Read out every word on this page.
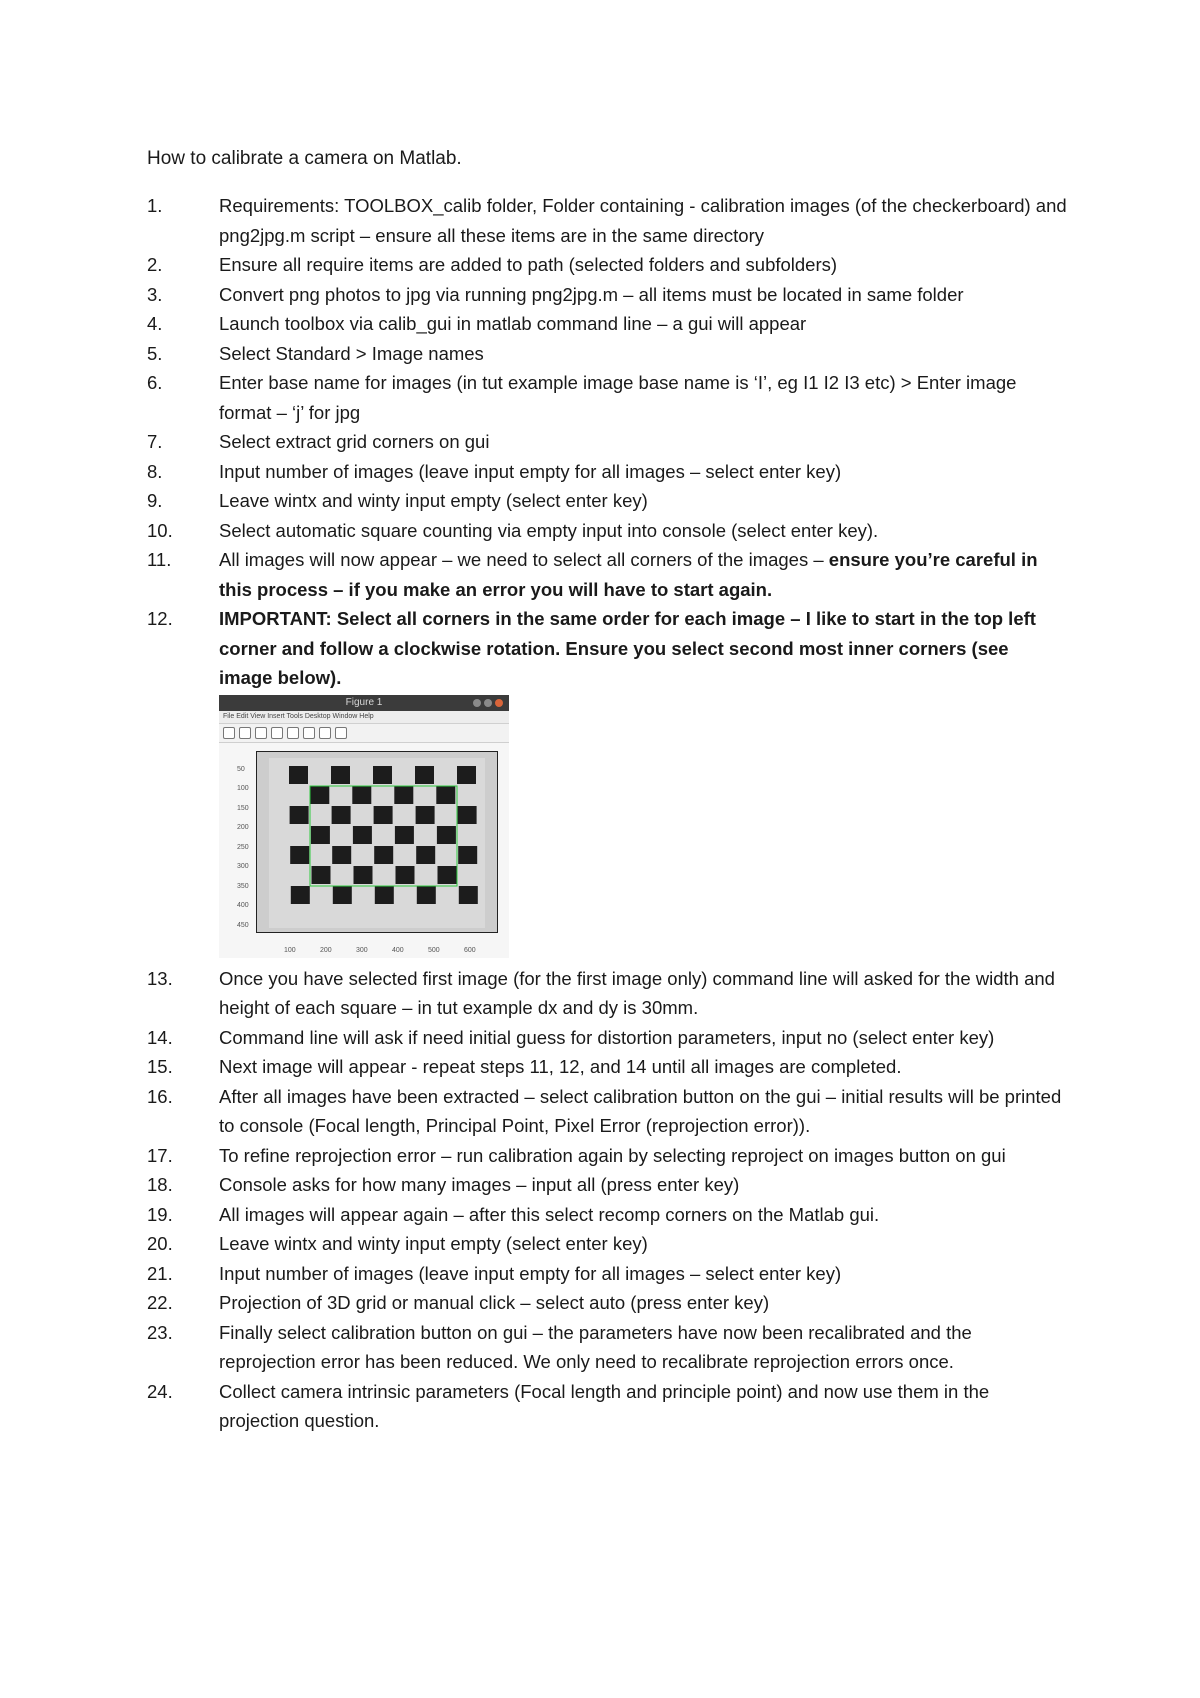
How to calibrate a camera on Matlab.
1.	Requirements: TOOLBOX_calib folder, Folder containing - calibration images (of the checkerboard) and png2jpg.m script – ensure all these items are in the same directory
2.	Ensure all require items are added to path (selected folders and subfolders)
3.	Convert png photos to jpg via running png2jpg.m – all items must be located in same folder
4.	Launch toolbox via calib_gui in matlab command line – a gui will appear
5.	Select Standard > Image names
6.	Enter base name for images (in tut example image base name is ‘I’, eg I1 I2 I3 etc) > Enter image format – ‘j’ for jpg
7.	Select extract grid corners on gui
8.	Input number of images (leave input empty for all images – select enter key)
9.	Leave wintx and winty input empty (select enter key)
10.	Select automatic square counting via empty input into console (select enter key).
11.	All images will now appear – we need to select all corners of the images – ensure you’re careful in this process – if you make an error you will have to start again.
12.	IMPORTANT: Select all corners in the same order for each image – I like to start in the top left corner and follow a clockwise rotation. Ensure you select second most inner corners (see image below).
Figure 1
File Edit View Insert Tools Desktop Window Help
50
100
150
200
250
300
350
400
450
100	200	300	400	500	600
13.	Once you have selected first image (for the first image only) command line will asked for the width and height of each square – in tut example dx and dy is 30mm.
14.	Command line will ask if need initial guess for distortion parameters, input no (select enter key)
15.	Next image will appear - repeat steps 11, 12, and 14 until all images are completed.
16.	After all images have been extracted – select calibration button on the gui – initial results will be printed to console (Focal length, Principal Point, Pixel Error (reprojection error)).
17.	To refine reprojection error – run calibration again by selecting reproject on images button on gui
18.	Console asks for how many images – input all (press enter key)
19.	All images will appear again – after this select recomp corners on the Matlab gui.
20.	Leave wintx and winty input empty (select enter key)
21.	Input number of images (leave input empty for all images – select enter key)
22.	Projection of 3D grid or manual click – select auto (press enter key)
23.	Finally select calibration button on gui – the parameters have now been recalibrated and the reprojection error has been reduced. We only need to recalibrate reprojection errors once.
24.	Collect camera intrinsic parameters (Focal length and principle point) and now use them in the projection question.
